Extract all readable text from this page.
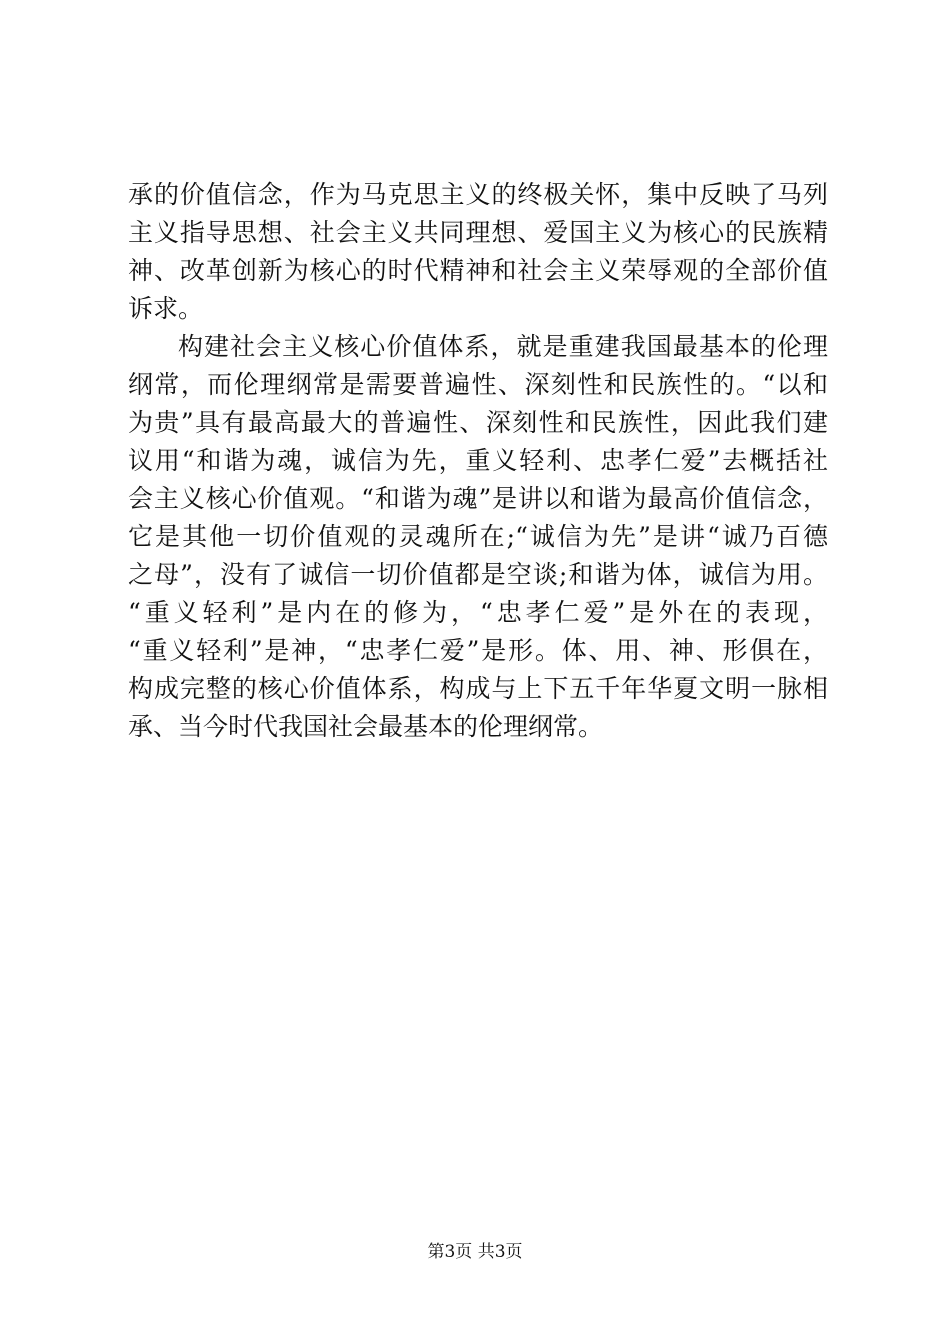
承的价值信念，作为马克思主义的终极关怀，集中反映了马列
主义指导思想、社会主义共同理想、爱国主义为核心的民族精
神、改革创新为核心的时代精神和社会主义荣辱观的全部价值
诉求。
构建社会主义核心价值体系，就是重建我国最基本的伦理
纲常，而伦理纲常是需要普遍性、深刻性和民族性的。“以和
为贵”具有最高最大的普遍性、深刻性和民族性，因此我们建
议用“和谐为魂，诚信为先，重义轻利、忠孝仁爱”去概括社
会主义核心价值观。“和谐为魂”是讲以和谐为最高价值信念，
它是其他一切价值观的灵魂所在;“诚信为先”是讲“诚乃百德
之母”，没有了诚信一切价值都是空谈;和谐为体，诚信为用。
“重义轻利”是内在的修为，“忠孝仁爱”是外在的表现，
“重义轻利”是神，“忠孝仁爱”是形。体、用、神、形俱在，
构成完整的核心价值体系，构成与上下五千年华夏文明一脉相
承、当今时代我国社会最基本的伦理纲常。
第3页 共3页
